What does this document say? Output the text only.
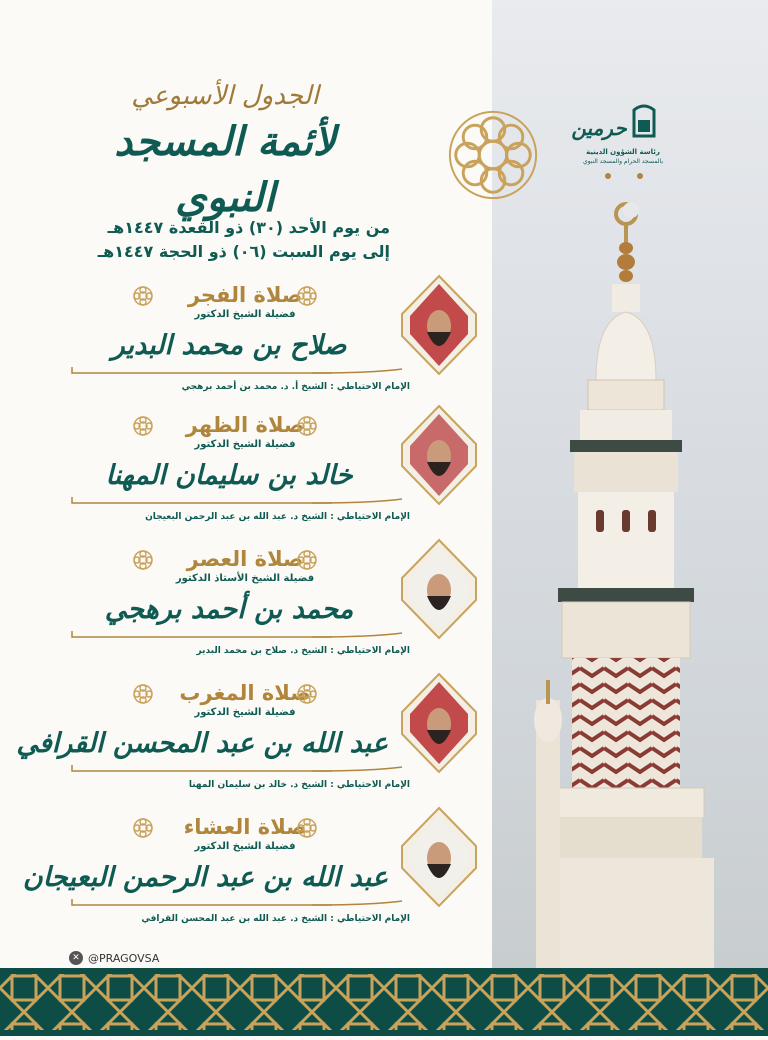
الجدول الأسبوعي
لأئمة المسجد النبوي
من يوم الأحد (٣٠) ذو القعدة ١٤٤٧هـ
إلى يوم السبت (٠٦) ذو الحجة ١٤٤٧هـ
حرمين
رئاسة الشؤون الدينية
بالمسجد الحرام والمسجد النبوي
صلاة الفجر
فضيلة الشيخ الدكتور
صلاح بن محمد البدير
الإمام الاحتياطي : الشيخ أ. د. محمد بن أحمد برهجي
صلاة الظهر
فضيلة الشيخ الدكتور
خالد بن سليمان المهنا
الإمام الاحتياطي : الشيخ د. عبد الله بن عبد الرحمن البعيجان
صلاة العصر
فضيلة الشيخ الأستاذ الدكتور
محمد بن أحمد برهجي
الإمام الاحتياطي : الشيخ د. صلاح بن محمد البدير
صلاة المغرب
فضيلة الشيخ الدكتور
عبد الله بن عبد المحسن القرافي
الإمام الاحتياطي : الشيخ د. خالد بن سليمان المهنا
صلاة العشاء
فضيلة الشيخ الدكتور
عبد الله بن عبد الرحمن البعيجان
الإمام الاحتياطي : الشيخ د. عبد الله بن عبد المحسن القرافي
✕ @PRAGOVSA
